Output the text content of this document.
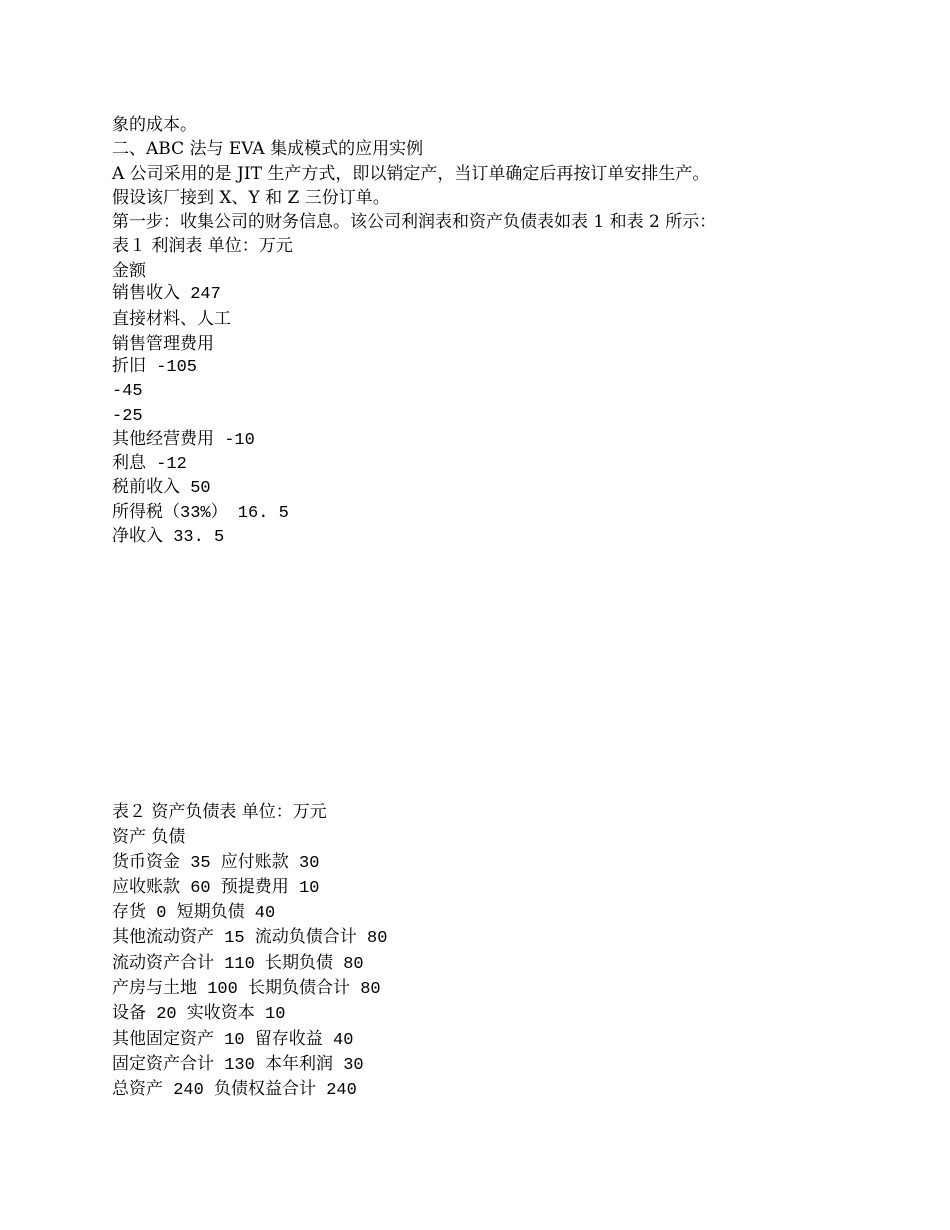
象的成本。
二、ABC 法与 EVA 集成模式的应用实例
A 公司采用的是 JIT 生产方式，即以销定产，当订单确定后再按订单安排生产。
假设该厂接到 X、Y 和 Z 三份订单。
第一步：收集公司的财务信息。该公司利润表和资产负债表如表 1 和表 2 所示：
表１ 利润表 单位：万元
金额
销售收入 247
直接材料、人工
销售管理费用
折旧 -105
-45
-25
其他经营费用 -10
利息 -12
税前收入 50
所得税（33%） 16. 5
净收入 33. 5
表２ 资产负债表 单位：万元
资产 负债
货币资金 35 应付账款 30
应收账款 60 预提费用 10
存货 0 短期负债 40
其他流动资产 15 流动负债合计 80
流动资产合计 110 长期负债 80
产房与土地 100 长期负债合计 80
设备 20 实收资本 10
其他固定资产 10 留存收益 40
固定资产合计 130 本年利润 30
总资产 240 负债权益合计 240
